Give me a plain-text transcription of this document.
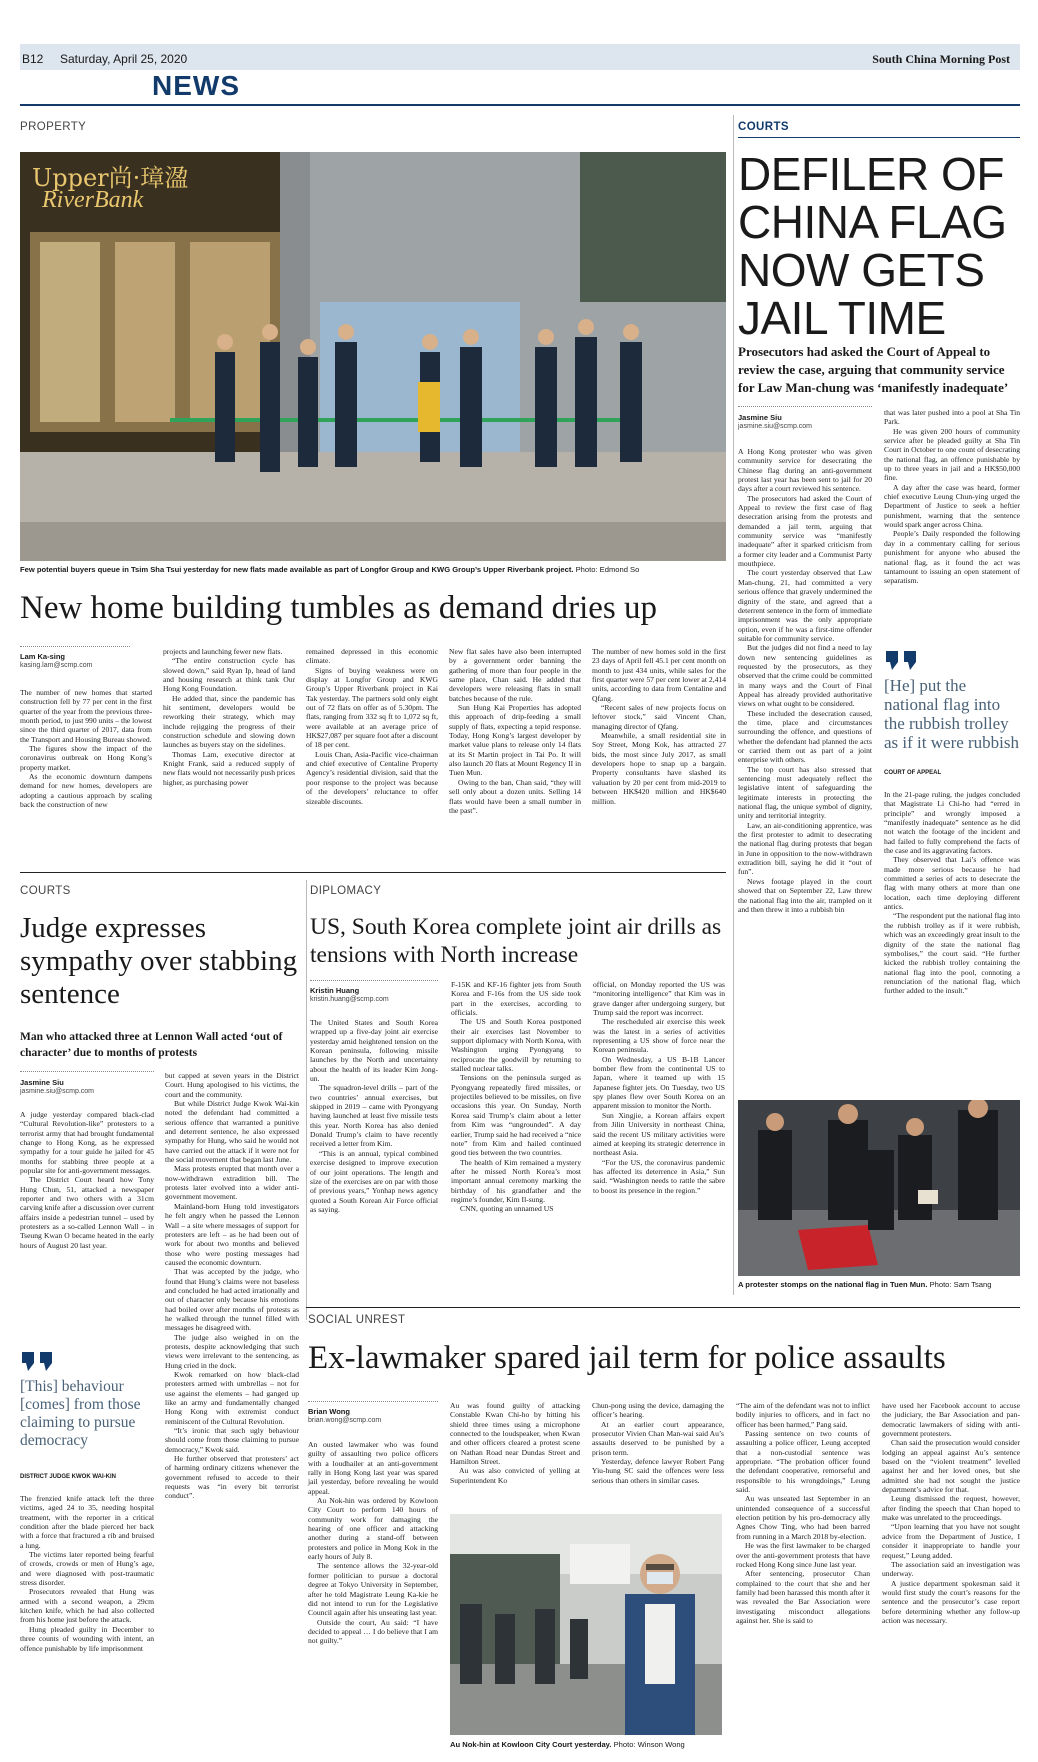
B12 Saturday, April 25, 2020	South China Morning Post
NEWS
PROPERTY
Upper尚·璋溋
RiverBank
Few potential buyers queue in Tsim Sha Tsui yesterday for new flats made available as part of Longfor Group and KWG Group’s Upper Riverbank project. Photo: Edmond So
New home building tumbles as demand dries up
Lam Ka-sing
kasing.lam@scmp.com

The number of new homes that started construction fell by 77 per cent in the first quarter of the year from the previous three-month period, to just 990 units – the lowest since the third quarter of 2017, data from the Transport and Housing Bureau showed.

The figures show the impact of the coronavirus outbreak on Hong Kong’s property market.

As the economic downturn dampens demand for new homes, developers are adopting a cautious approach by scaling back the construction of new

projects and launching fewer new flats.

“The entire construction cycle has slowed down,” said Ryan Ip, head of land and housing research at think tank Our Hong Kong Foundation.

He added that, since the pandemic has hit sentiment, developers would be reworking their strategy, which may include rejigging the progress of their construction schedule and slowing down launches as buyers stay on the sidelines.

Thomas Lam, executive director at Knight Frank, said a reduced supply of new flats would not necessarily push prices higher, as purchasing power

remained depressed in this economic climate.

Signs of buying weakness were on display at Longfor Group and KWG Group’s Upper Riverbank project in Kai Tak yesterday. The partners sold only eight out of 72 flats on offer as of 5.30pm. The flats, ranging from 332 sq ft to 1,072 sq ft, were available at an average price of HK$27,087 per square foot after a discount of 18 per cent.

Louis Chan, Asia-Pacific vice-chairman and chief executive of Centaline Property Agency’s residential division, said that the poor response to the project was because of the developers’ reluctance to offer sizeable discounts.

New flat sales have also been interrupted by a government order banning the gathering of more than four people in the same place, Chan said. He added that developers were releasing flats in small batches because of the rule.

Sun Hung Kai Properties has adopted this approach of drip-feeding a small supply of flats, expecting a tepid response. Today, Hong Kong’s largest developer by market value plans to release only 14 flats at its St Martin project in Tai Po. It will also launch 20 flats at Mount Regency II in Tuen Mun.

Owing to the ban, Chan said, “they will sell only about a dozen units. Selling 14 flats would have been a small number in the past”.

The number of new homes sold in the first 23 days of April fell 45.1 per cent month on month to just 434 units, while sales for the first quarter were 57 per cent lower at 2,414 units, according to data from Centaline and Qfang.

“Recent sales of new projects focus on leftover stock,” said Vincent Chan, managing director of Qfang.

Meanwhile, a small residential site in Soy Street, Mong Kok, has attracted 27 bids, the most since July 2017, as small developers hope to snap up a bargain. Property consultants have slashed its valuation by 20 per cent from mid-2019 to between HK$420 million and HK$640 million.

COURTS
DEFILER OF CHINA FLAG NOW GETS JAIL TIME
Prosecutors had asked the Court of Appeal to review the case, arguing that community service for Law Man-chung was ‘manifestly inadequate’
Jasmine Siu
jasmine.siu@scmp.com

A Hong Kong protester who was given community service for desecrating the Chinese flag during an anti-government protest last year has been sent to jail for 20 days after a court reviewed his sentence.

The prosecutors had asked the Court of Appeal to review the first case of flag desecration arising from the protests and demanded a jail term, arguing that community service was “manifestly inadequate” after it sparked criticism from a former city leader and a Communist Party mouthpiece.

The court yesterday observed that Law Man-chung, 21, had committed a very serious offence that gravely undermined the dignity of the state, and agreed that a deterrent sentence in the form of immediate imprisonment was the only appropriate option, even if he was a first-time offender suitable for community service.

But the judges did not find a need to lay down new sentencing guidelines as requested by the prosecutors, as they observed that the crime could be committed in many ways and the Court of Final Appeal has already provided authoritative views on what ought to be considered.

These included the desecration caused, the time, place and circumstances surrounding the offence, and questions of whether the defendant had planned the acts or carried them out as part of a joint enterprise with others.

The top court has also stressed that sentencing must adequately reflect the legislative intent of safeguarding the legitimate interests in protecting the national flag, the unique symbol of dignity, unity and territorial integrity.

Law, an air-conditioning apprentice, was the first protester to admit to desecrating the national flag during protests that began in June in opposition to the now-withdrawn extradition bill, saying he did it “out of fun”.

News footage played in the court showed that on September 22, Law threw the national flag into the air, trampled on it and then threw it into a rubbish bin

that was later pushed into a pool at Sha Tin Park.

He was given 200 hours of community service after he pleaded guilty at Sha Tin Court in October to one count of desecrating the national flag, an offence punishable by up to three years in jail and a HK$50,000 fine.

A day after the case was heard, former chief executive Leung Chun-ying urged the Department of Justice to seek a heftier punishment, warning that the sentence would spark anger across China.

People’s Daily responded the following day in a commentary calling for serious punishment for anyone who abused the national flag, as it found the act was tantamount to issuing an open statement of separatism.

[He] put the national flag into the rubbish trolley as if it were rubbish
COURT OF APPEAL

In the 21-page ruling, the judges concluded that Magistrate Li Chi-ho had “erred in principle” and wrongly imposed a “manifestly inadequate” sentence as he did not watch the footage of the incident and had failed to fully comprehend the facts of the case and its aggravating factors.

They observed that Lai’s offence was made more serious because he had committed a series of acts to desecrate the flag with many others at more than one location, each time deploying different antics.

“The respondent put the national flag into the rubbish trolley as if it were rubbish, which was an exceedingly great insult to the dignity of the state the national flag symbolises,” the court said. “He further kicked the rubbish trolley containing the national flag into the pool, connoting a renunciation of the national flag, which further added to the insult.”

A protester stomps on the national flag in Tuen Mun. Photo: Sam Tsang
COURTS
Judge expresses sympathy over stabbing sentence
Man who attacked three at Lennon Wall acted ‘out of character’ due to months of protests
Jasmine Siu
jasmine.siu@scmp.com

A judge yesterday compared black-clad “Cultural Revolution-like” protesters to a terrorist army that had brought fundamental change to Hong Kong, as he expressed sympathy for a tour guide he jailed for 45 months for stabbing three people at a popular site for anti-government messages.

The District Court heard how Tony Hung Chun, 51, attacked a newspaper reporter and two others with a 31cm carving knife after a discussion over current affairs inside a pedestrian tunnel – used by protesters as a so-called Lennon Wall – in Tseung Kwan O became heated in the early hours of August 20 last year.

[This] behaviour [comes] from those claiming to pursue democracy
DISTRICT JUDGE KWOK WAI-KIN

The frenzied knife attack left the three victims, aged 24 to 35, needing hospital treatment, with the reporter in a critical condition after the blade pierced her back with a force that fractured a rib and bruised a lung.

The victims later reported being fearful of crowds, crowds or men of Hung’s age, and were diagnosed with post-traumatic stress disorder.

Prosecutors revealed that Hung was armed with a second weapon, a 29cm kitchen knife, which he had also collected from his home just before the attack.

Hung pleaded guilty in December to three counts of wounding with intent, an offence punishable by life imprisonment

but capped at seven years in the District Court. Hung apologised to his victims, the court and the community.

But while District Judge Kwok Wai-kin noted the defendant had committed a serious offence that warranted a punitive and deterrent sentence, he also expressed sympathy for Hung, who said he would not have carried out the attack if it were not for the social movement that began last June.

Mass protests erupted that month over a now-withdrawn extradition bill. The protests later evolved into a wider anti-government movement.

Mainland-born Hung told investigators he felt angry when he passed the Lennon Wall – a site where messages of support for protesters are left – as he had been out of work for about two months and believed those who were posting messages had caused the economic downturn.

That was accepted by the judge, who found that Hung’s claims were not baseless and concluded he had acted irrationally and out of character only because his emotions had boiled over after months of protests as he walked through the tunnel filled with messages he disagreed with.

The judge also weighed in on the protests, despite acknowledging that such views were irrelevant to the sentencing, as Hung cried in the dock.

Kwok remarked on how black-clad protesters armed with umbrellas – not for use against the elements – had ganged up like an army and fundamentally changed Hong Kong with extremist conduct reminiscent of the Cultural Revolution.

“It’s ironic that such ugly behaviour should come from those claiming to pursue democracy,” Kwok said.

He further observed that protesters’ act of harming ordinary citizens whenever the government refused to accede to their requests was “in every bit terrorist conduct”.

DIPLOMACY
US, South Korea complete joint air drills as tensions with North increase
Kristin Huang
kristin.huang@scmp.com

The United States and South Korea wrapped up a five-day joint air exercise yesterday amid heightened tension on the Korean peninsula, following missile launches by the North and uncertainty about the health of its leader Kim Jong-un.

The squadron-level drills – part of the two countries’ annual exercises, but skipped in 2019 – came with Pyongyang having launched at least five missile tests this year. North Korea has also denied Donald Trump’s claim to have recently received a letter from Kim.

“This is an annual, typical combined exercise designed to improve execution of our joint operations. The length and size of the exercises are on par with those of previous years,” Yonhap news agency quoted a South Korean Air Force official as saying.

F-15K and KF-16 fighter jets from South Korea and F-16s from the US side took part in the exercises, according to officials.

The US and South Korea postponed their air exercises last November to support diplomacy with North Korea, with Washington urging Pyongyang to reciprocate the goodwill by returning to stalled nuclear talks.

Tensions on the peninsula surged as Pyongyang repeatedly fired missiles, or projectiles believed to be missiles, on five occasions this year. On Sunday, North Korea said Trump’s claim about a letter from Kim was “ungrounded”. A day earlier, Trump said he had received a “nice note” from Kim and hailed continued good ties between the two countries.

The health of Kim remained a mystery after he missed North Korea’s most important annual ceremony marking the birthday of his grandfather and the regime’s founder, Kim Il-sung.

CNN, quoting an unnamed US

official, on Monday reported the US was “monitoring intelligence” that Kim was in grave danger after undergoing surgery, but Trump said the report was incorrect.

The rescheduled air exercise this week was the latest in a series of activities representing a US show of force near the Korean peninsula.

On Wednesday, a US B-1B Lancer bomber flew from the continental US to Japan, where it teamed up with 15 Japanese fighter jets. On Tuesday, two US spy planes flew over South Korea on an apparent mission to monitor the North.

Sun Xingjie, a Korean affairs expert from Jilin University in northeast China, said the recent US military activities were aimed at keeping its strategic deterrence in northeast Asia.

“For the US, the coronavirus pandemic has affected its deterrence in Asia,” Sun said. “Washington needs to rattle the sabre to boost its presence in the region.”

SOCIAL UNREST
Ex-lawmaker spared jail term for police assaults
Brian Wong
brian.wong@scmp.com

An ousted lawmaker who was found guilty of assaulting two police officers with a loudhailer at an anti-government rally in Hong Kong last year was spared jail yesterday, before revealing he would appeal.

Au Nok-hin was ordered by Kowloon City Court to perform 140 hours of community work for damaging the hearing of one officer and attacking another during a stand-off between protesters and police in Mong Kok in the early hours of July 8.

The sentence allows the 32-year-old former politician to pursue a doctoral degree at Tokyo University in September, after he told Magistrate Leung Ka-kie he did not intend to run for the Legislative Council again after his unseating last year.

Outside the court, Au said: “I have decided to appeal … I do believe that I am not guilty.”

Au was found guilty of attacking Constable Kwan Chi-ho by hitting his shield three times using a microphone connected to the loudspeaker, when Kwan and other officers cleared a protest scene on Nathan Road near Dundas Street and Hamilton Street.

Au was also convicted of yelling at Superintendent Ko

Chun-pong using the device, damaging the officer’s hearing.

At an earlier court appearance, prosecutor Vivien Chan Man-wai said Au’s assaults deserved to be punished by a prison term.

Yesterday, defence lawyer Robert Pang Yiu-hung SC said the offences were less serious than others in similar cases.

Au Nok-hin at Kowloon City Court yesterday. Photo: Winson Wong

“The aim of the defendant was not to inflict bodily injuries to officers, and in fact no officer has been harmed,” Pang said.

Passing sentence on two counts of assaulting a police officer, Leung accepted that a non-custodial sentence was appropriate. “The probation officer found the defendant cooperative, remorseful and responsible to his wrongdoings,” Leung said.

Au was unseated last September in an unintended consequence of a successful election petition by his pro-democracy ally Agnes Chow Ting, who had been barred from running in a March 2018 by-election.

He was the first lawmaker to be charged over the anti-government protests that have rocked Hong Kong since June last year.

After sentencing, prosecutor Chan complained to the court that she and her family had been harassed this month after it was revealed the Bar Association were investigating misconduct allegations against her. She is said to

have used her Facebook account to accuse the judiciary, the Bar Association and pan-democratic lawmakers of siding with anti-government protesters.

Chan said the prosecution would consider lodging an appeal against Au’s sentence based on the “violent treatment” levelled against her and her loved ones, but she admitted she had not sought the justice department’s advice for that.

Leung dismissed the request, however, after finding the speech that Chan hoped to make was unrelated to the proceedings.

“Upon learning that you have not sought advice from the Department of Justice, I consider it inappropriate to handle your request,” Leung added.

The association said an investigation was underway.

A justice department spokesman said it would first study the court’s reasons for the sentence and the prosecutor’s case report before determining whether any follow-up action was necessary.
